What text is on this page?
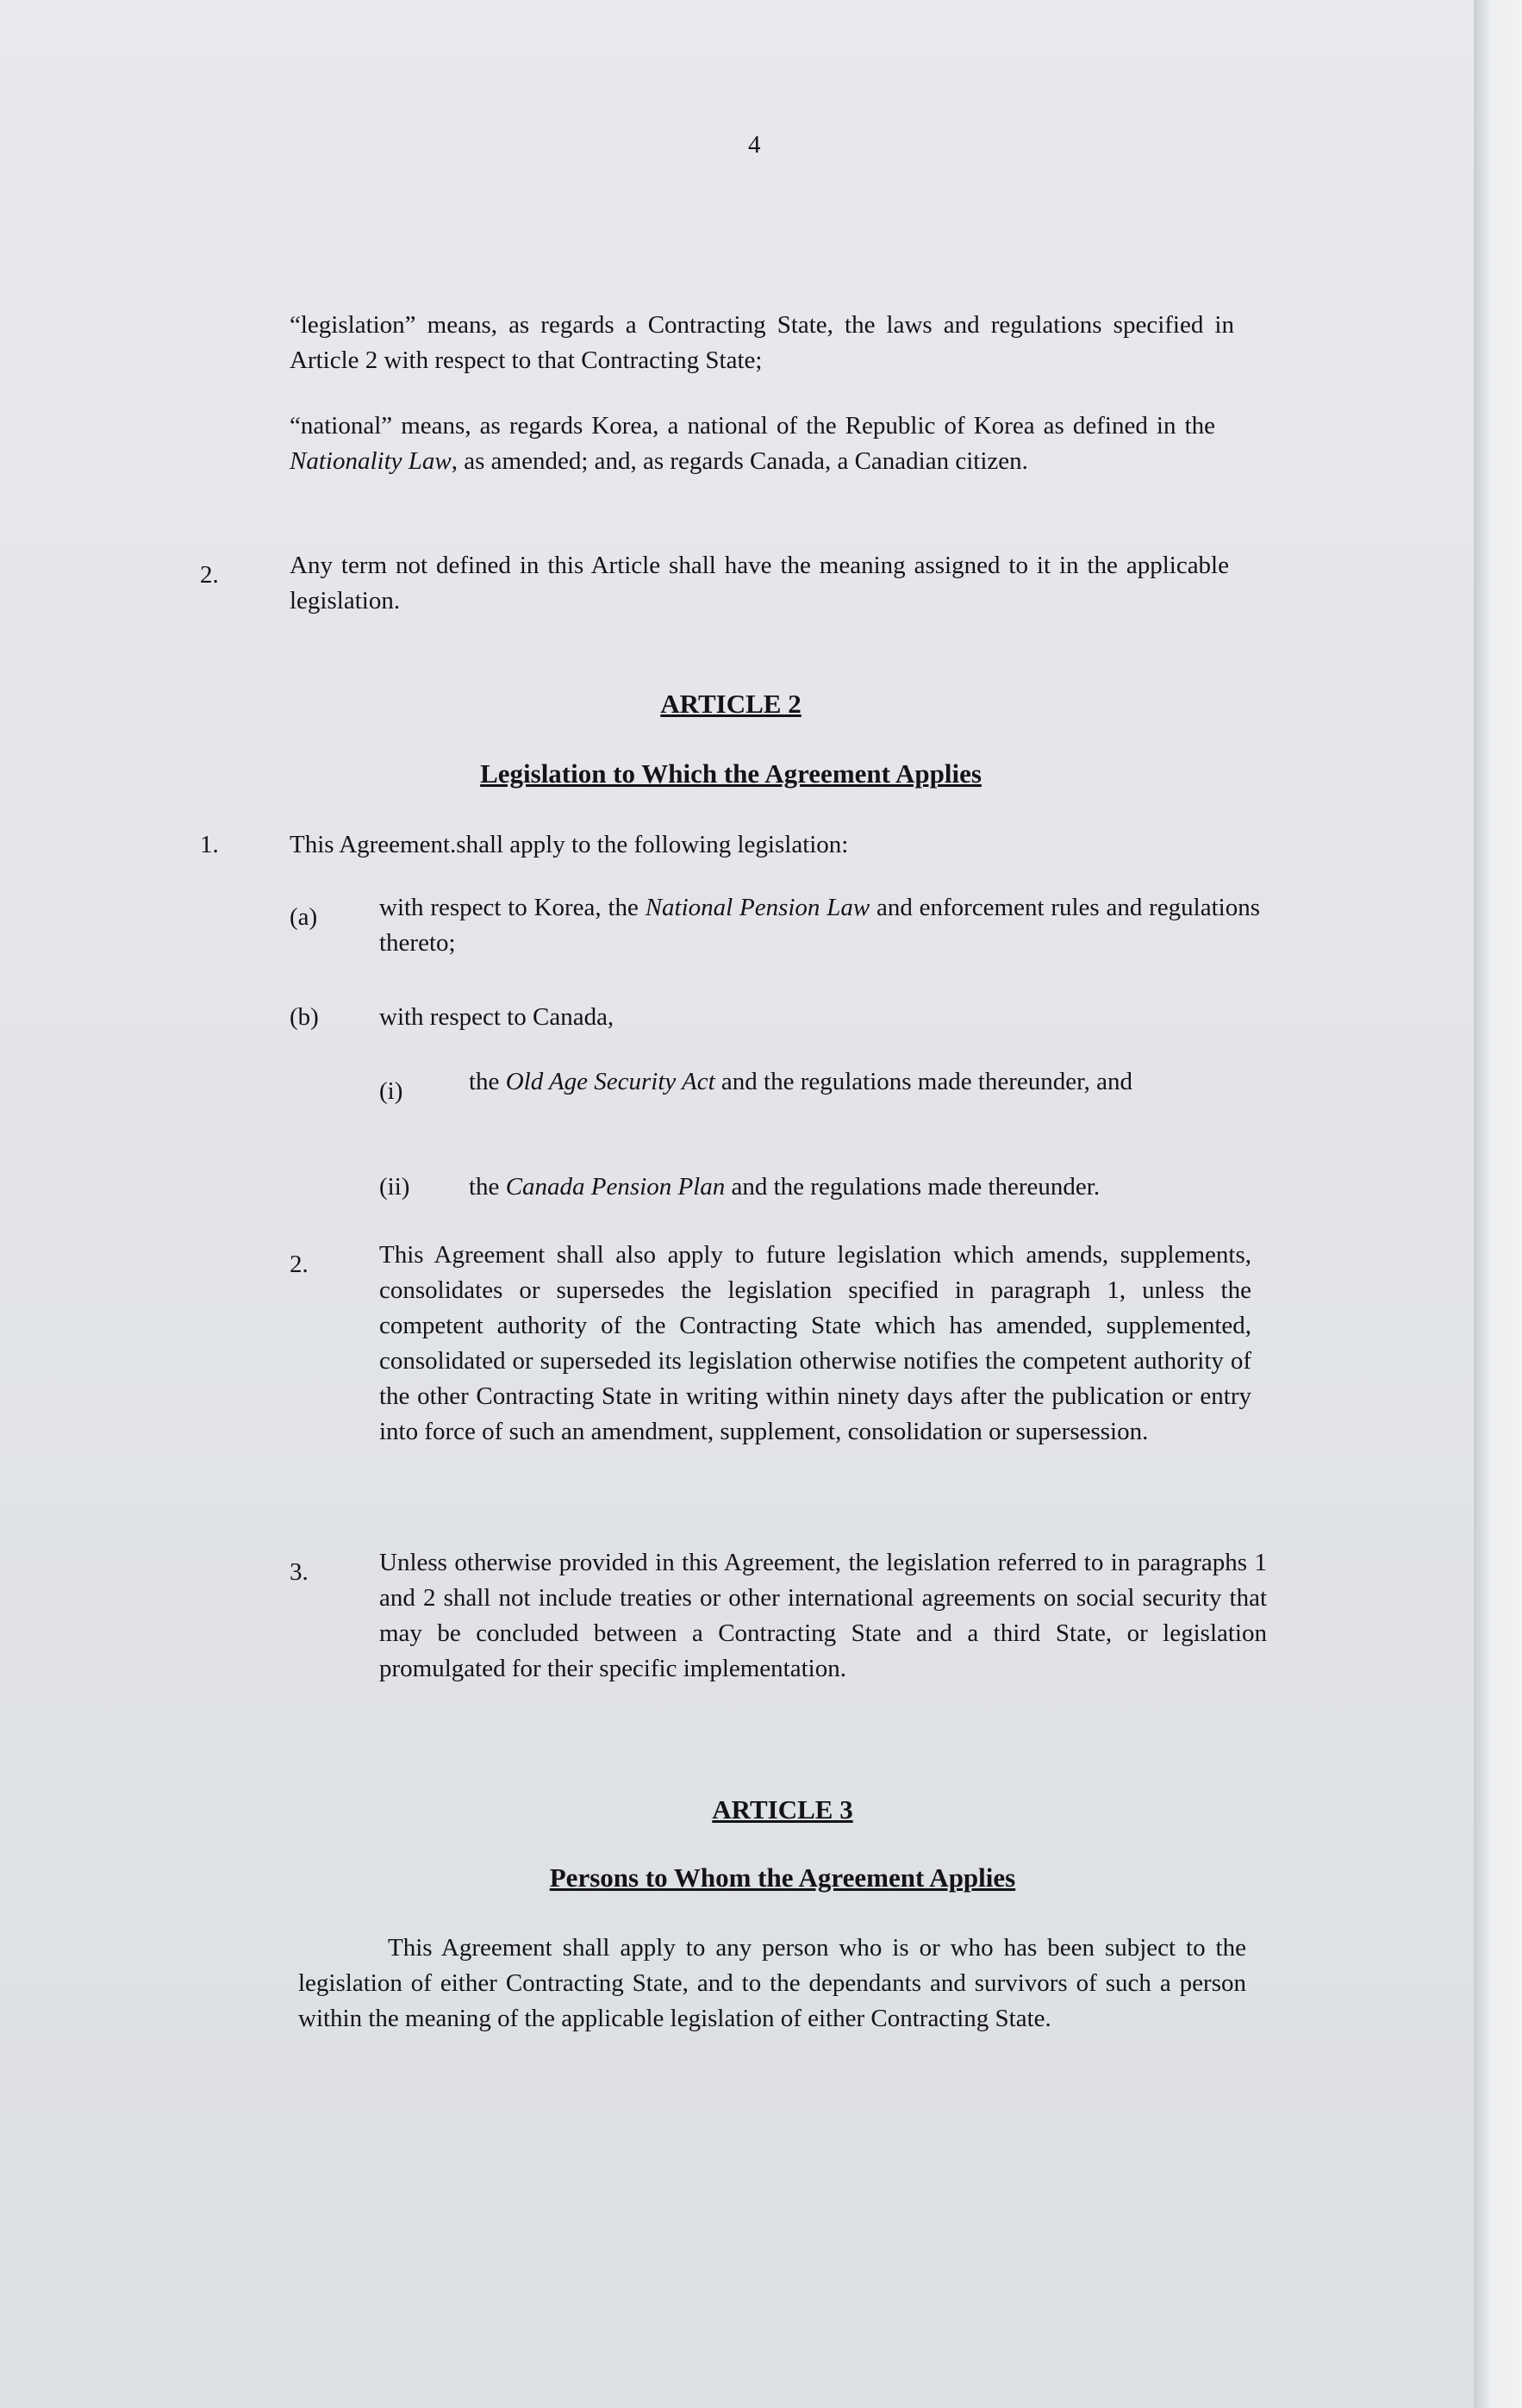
4
“legislation” means, as regards a Contracting State, the laws and regulations specified in Article 2 with respect to that Contracting State;
“national” means, as regards Korea, a national of the Republic of Korea as defined in the Nationality Law, as amended; and, as regards Canada, a Canadian citizen.
2.	Any term not defined in this Article shall have the meaning assigned to it in the applicable legislation.
ARTICLE 2
Legislation to Which the Agreement Applies
1.	This Agreement.shall apply to the following legislation:
(a) with respect to Korea, the National Pension Law and enforcement rules and regulations thereto;
(b) with respect to Canada,
(i)	the Old Age Security Act and the regulations made thereunder, and
(ii) the Canada Pension Plan and the regulations made thereunder.
2.	This Agreement shall also apply to future legislation which amends, supplements, consolidates or supersedes the legislation specified in paragraph 1, unless the competent authority of the Contracting State which has amended, supplemented, consolidated or superseded its legislation otherwise notifies the competent authority of the other Contracting State in writing within ninety days after the publication or entry into force of such an amendment, supplement, consolidation or supersession.
3.	Unless otherwise provided in this Agreement, the legislation referred to in paragraphs 1 and 2 shall not include treaties or other international agreements on social security that may be concluded between a Contracting State and a third State, or legislation promulgated for their specific implementation.
ARTICLE 3
Persons to Whom the Agreement Applies
This Agreement shall apply to any person who is or who has been subject to the legislation of either Contracting State, and to the dependants and survivors of such a person within the meaning of the applicable legislation of either Contracting State.
